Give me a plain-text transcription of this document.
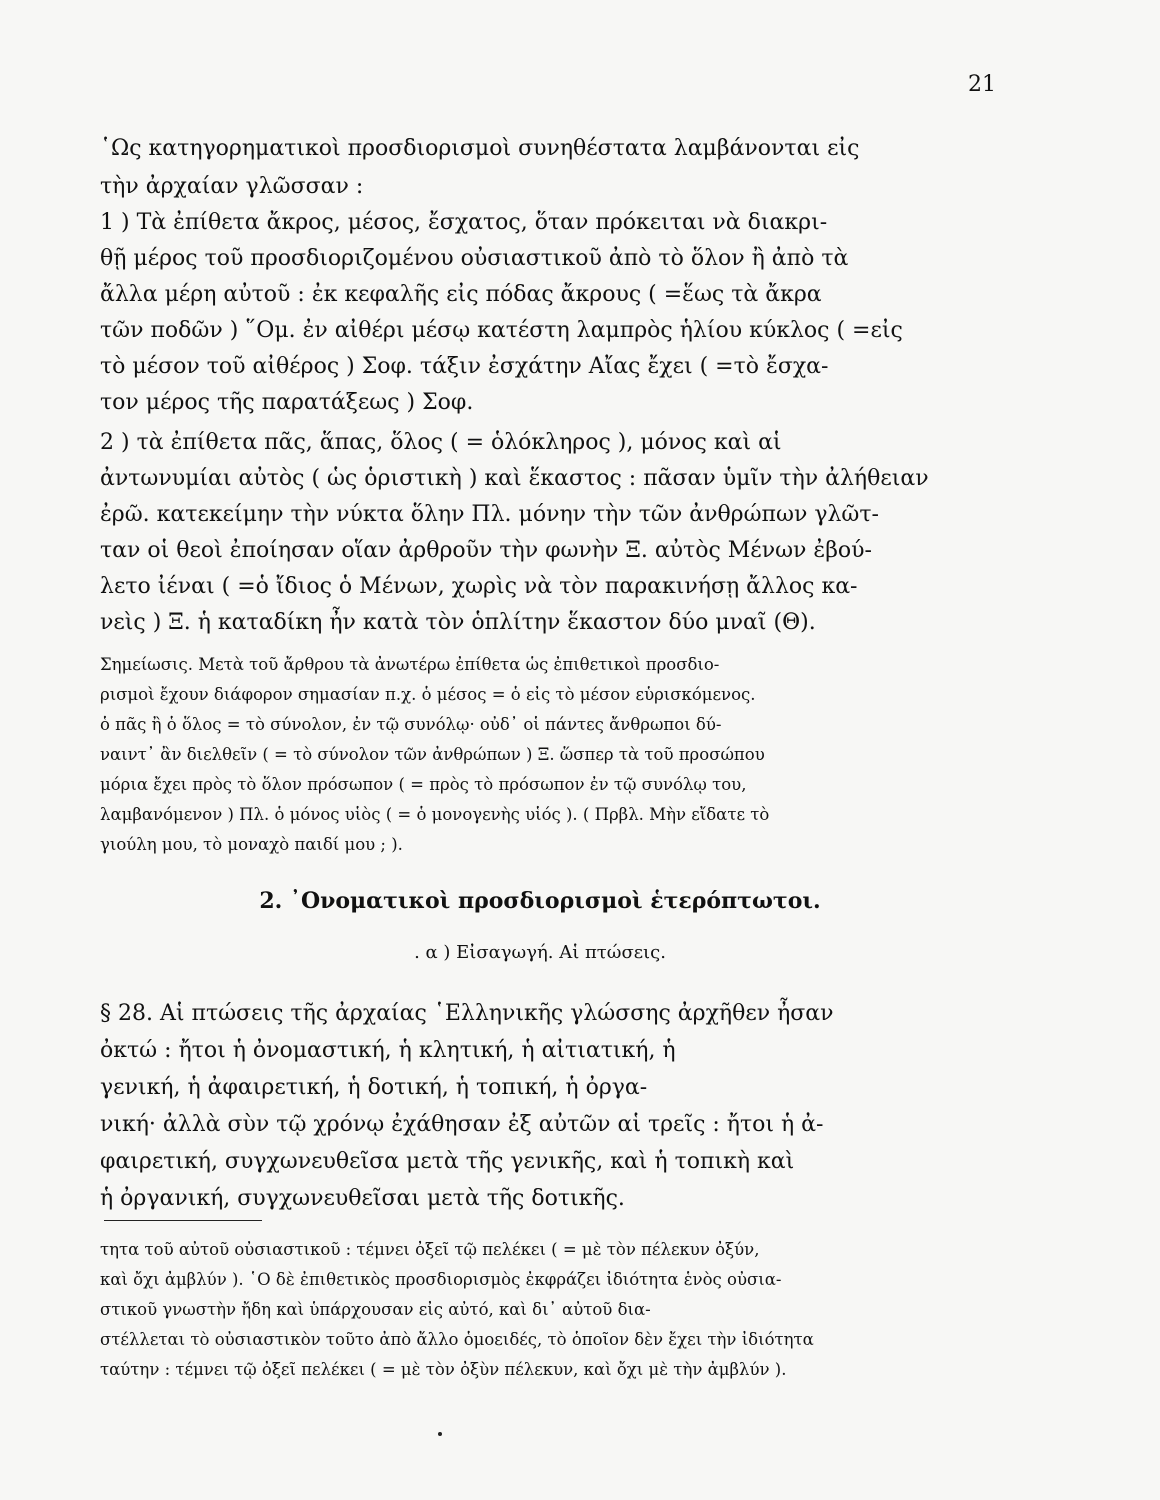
21
῾Ως κατηγορηματικοὶ προσδιορισμοὶ συνηθέστατα λαμβάνονται εἰς
τὴν ἀρχαίαν γλῶσσαν :
1 ) Τὰ ἐπίθετα ἄκρος, μέσος, ἔσχατος, ὅταν πρόκειται νὰ διακρι-
θῇ μέρος τοῦ προσδιοριζομένου οὐσιαστικοῦ ἀπὸ τὸ ὅλον ἢ ἀπὸ τὰ
ἄλλα μέρη αὐτοῦ : ἐκ κεφαλῆς εἰς πόδας ἄκρους ( =ἕως τὰ ἄκρα
τῶν ποδῶν ) ῞Ομ. ἐν αἰθέρι μέσῳ κατέστη λαμπρὸς ἡλίου κύκλος ( =εἰς
τὸ μέσον τοῦ αἰθέρος ) Σοφ. τάξιν ἐσχάτην Αἴας ἔχει ( =τὸ ἔσχα-
τον μέρος τῆς παρατάξεως ) Σοφ.
2 ) τὰ ἐπίθετα πᾶς, ἅπας, ὅλος ( = ὁλόκληρος ), μόνος καὶ αἱ
ἀντωνυμίαι αὐτὸς ( ὡς ὁριστικὴ ) καὶ ἕκαστος : πᾶσαν ὑμῖν τὴν ἀλήθειαν
ἐρῶ. κατεκείμην τὴν νύκτα ὅλην Πλ. μόνην τὴν τῶν ἀνθρώπων γλῶτ-
ταν οἱ θεοὶ ἐποίησαν οἵαν ἀρθροῦν τὴν φωνὴν Ξ. αὐτὸς Μένων ἐβού-
λετο ἰέναι ( =ὁ ἴδιος ὁ Μένων, χωρὶς νὰ τὸν παρακινήσῃ ἄλλος κα-
νεὶς ) Ξ. ἡ καταδίκη ἦν κατὰ τὸν ὁπλίτην ἕκαστον δύο μναῖ (Θ).
Σημείωσις. Μετὰ τοῦ ἄρθρου τὰ ἀνωτέρω ἐπίθετα ὡς ἐπιθετικοὶ προσδιο-
ρισμοὶ ἔχουν διάφορον σημασίαν π.χ. ὁ μέσος = ὁ εἰς τὸ μέσον εὑρισκόμενος.
ὁ πᾶς ἢ ὁ ὅλος = τὸ σύνολον, ἐν τῷ συνόλῳ· οὐδ᾿ οἱ πάντες ἄνθρωποι δύ-
ναιντ᾿ ἂν διελθεῖν ( = τὸ σύνολον τῶν ἀνθρώπων ) Ξ. ὥσπερ τὰ τοῦ προσώπου
μόρια ἔχει πρὸς τὸ ὅλον πρόσωπον ( = πρὸς τὸ πρόσωπον ἐν τῷ συνόλῳ του,
λαμβανόμενον ) Πλ. ὁ μόνος υἱὸς ( = ὁ μονογενὴς υἱός ). ( Πρβλ. Μὴν εἴδατε τὸ
γιούλη μου, τὸ μοναχὸ παιδί μου ; ).
2. ᾿Ονοματικοὶ προσδιορισμοὶ ἑτερόπτωτοι.
. α ) Εἰσαγωγή. Αἱ πτώσεις.
§ 28. Αἱ πτώσεις τῆς ἀρχαίας ῾Ελληνικῆς γλώσσης ἀρχῆθεν ἦσαν
ὀκτώ : ἤτοι ἡ ὀνομαστική, ἡ κλητική, ἡ αἰτιατική, ἡ
γενική, ἡ ἀφαιρετική, ἡ δοτική, ἡ τοπική, ἡ ὀργα-
νική· ἀλλὰ σὺν τῷ χρόνῳ ἐχάθησαν ἐξ αὐτῶν αἱ τρεῖς : ἤτοι ἡ ἀ-
φαιρετική, συγχωνευθεῖσα μετὰ τῆς γενικῆς, καὶ ἡ τοπικὴ καὶ
ἡ ὀργανική, συγχωνευθεῖσαι μετὰ τῆς δοτικῆς.
τητα τοῦ αὐτοῦ οὐσιαστικοῦ : τέμνει ὀξεῖ τῷ πελέκει ( = μὲ τὸν πέλεκυν ὀξύν,
καὶ ὄχι ἀμβλύν ). ῾Ο δὲ ἐπιθετικὸς προσδιορισμὸς ἐκφράζει ἰδιότητα ἑνὸς οὐσια-
στικοῦ γνωστὴν ἤδη καὶ ὑπάρχουσαν εἰς αὐτό, καὶ δι᾿ αὐτοῦ δια-
στέλλεται τὸ οὐσιαστικὸν τοῦτο ἀπὸ ἄλλο ὁμοειδές, τὸ ὁποῖον δὲν ἔχει τὴν ἰδιότητα
ταύτην : τέμνει τῷ ὀξεῖ πελέκει ( = μὲ τὸν ὀξὺν πέλεκυν, καὶ ὄχι μὲ τὴν ἀμβλύν ).
